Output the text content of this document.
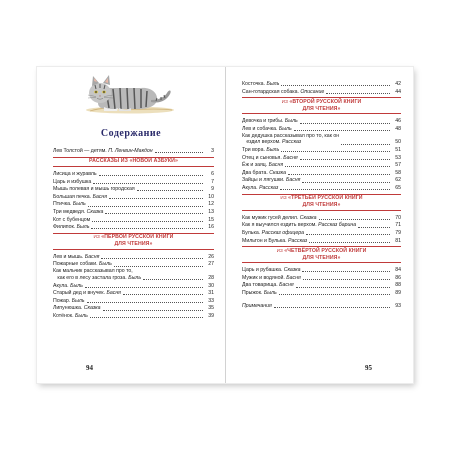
Содержание
Лев Толстой — детям. П. Ленвин-Макдон	3
РАССКАЗЫ ИЗ «НОВОЙ АЗБУКИ»
Лисица и журавль	6
Царь и избушка	7
Мышь полевая и мышь городская	9
Большая печка. Басня	10
Птичка. Быль	12
Три медведя. Сказка	13
Кот с бубенцом	15
Филипок. Быль	16
ИЗ «ПЕРВОЙ РУССКОЙ КНИГИ
ДЛЯ ЧТЕНИЯ»
Лев и мышь. Басня	26
Пожарные собаки. Быль	27
Как мальчик рассказывал про то,
как его в лесу застала гроза. Быль	28
Акула. Быль	30
Старый дед и внучек. Басня	31
Пожар. Быль	33
Липунюшка. Сказка	35
Котёнок. Быль	39
94
Косточка. Быль	42
Сан-готардская собака. Описание	44
ИЗ «ВТОРОЙ РУССКОЙ КНИГИ
ДЛЯ ЧТЕНИЯ»
Девочка и грибы. Быль	46
Лев и собачка. Быль	48
Как дедушка рассказывал про то, как он
ездил верхом. Рассказ	50
Три вора. Быль	51
Отец и сыновья. Басня	53
Ёж и заяц. Басня	57
Два брата. Сказка	58
Зайцы и лягушки. Басня	62
Акула. Рассказ	65
ИЗ «ТРЕТЬЕЙ РУССКОЙ КНИГИ
ДЛЯ ЧТЕНИЯ»
Как мужик гусей делил. Сказка	70
Как я выучился ездить верхом. Рассказ барина	71
Булька. Рассказ офицера	79
Мильтон и Булька. Рассказ	81
ИЗ «ЧЕТВЁРТОЙ РУССКОЙ КНИГИ
ДЛЯ ЧТЕНИЯ»
Царь и рубашка. Сказка	84
Мужик и водяной. Басня	86
Два товарища. Басня	88
Прыжок. Быль	89
Примечания	93
95
